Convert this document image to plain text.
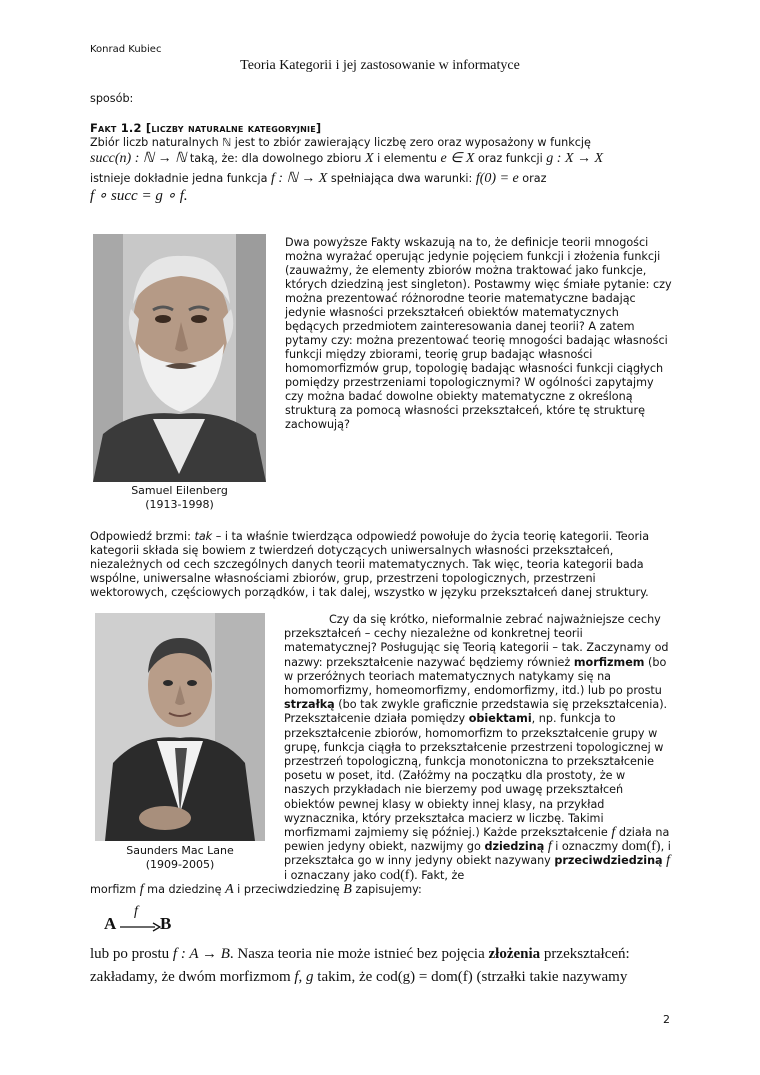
Konrad Kubiec
Teoria Kategorii i jej zastosowanie w informatyce
sposób:
Fakt 1.2 [liczby naturalne kategoryjnie]
Zbiór liczb naturalnych ℕ jest to zbiór zawierający liczbę zero oraz wyposażony w funkcję
succ(n) : ℕ → ℕ taką, że: dla dowolnego zbioru X i elementu e ∈ X oraz funkcji g : X → X
istnieje dokładnie jedna funkcja f : ℕ → X spełniająca dwa warunki: f(0) = e oraz
f ∘ succ = g ∘ f.
Samuel Eilenberg
(1913-1998)
Dwa powyższe Fakty wskazują na to, że definicje teorii mnogości można wyrażać operując jedynie pojęciem funkcji i złożenia funkcji (zauważmy, że elementy zbiorów można traktować jako funkcje, których dziedziną jest singleton). Postawmy więc śmiałe pytanie: czy można prezentować różnorodne teorie matematyczne badając jedynie własności przekształceń obiektów matematycznych będących przedmiotem zainteresowania danej teorii? A zatem pytamy czy: można prezentować teorię mnogości badając własności funkcji między zbiorami, teorię grup badając własności homomorfizmów grup, topologię badając własności funkcji ciągłych pomiędzy przestrzeniami topologicznymi? W ogólności zapytajmy czy można badać dowolne obiekty matematyczne z określoną strukturą za pomocą własności przekształceń, które tę strukturę zachowują?
Odpowiedź brzmi: tak – i ta właśnie twierdząca odpowiedź powołuje do życia teorię kategorii. Teoria kategorii składa się bowiem z twierdzeń dotyczących uniwersalnych własności przekształceń, niezależnych od cech szczególnych danych teorii matematycznych. Tak więc, teoria kategorii bada wspólne, uniwersalne własnościami zbiorów, grup, przestrzeni topologicznych, przestrzeni wektorowych, częściowych porządków, i tak dalej, wszystko w języku przekształceń danej struktury.
Saunders Mac Lane
(1909-2005)
Czy da się krótko, nieformalnie zebrać najważniejsze cechy przekształceń – cechy niezależne od konkretnej teorii matematycznej? Posługując się Teorią kategorii – tak. Zaczynamy od nazwy: przekształcenie nazywać będziemy również morfizmem (bo w przeróżnych teoriach matematycznych natykamy się na homomorfizmy, homeomorfizmy, endomorfizmy, itd.) lub po prostu strzałką (bo tak zwykle graficznie przedstawia się przekształcenia). Przekształcenie działa pomiędzy obiektami, np. funkcja to przekształcenie zbiorów, homomorfizm to przekształcenie grupy w grupę, funkcja ciągła to przekształcenie przestrzeni topologicznej w przestrzeń topologiczną, funkcja monotoniczna to przekształcenie posetu w poset, itd. (Załóżmy na początku dla prostoty, że w naszych przykładach nie bierzemy pod uwagę przekształceń obiektów pewnej klasy w obiekty innej klasy, na przykład wyznacznika, który przekształca macierz w liczbę. Takimi morfizmami zajmiemy się później.) Każde przekształcenie f działa na pewien jedyny obiekt, nazwijmy go dziedziną f i oznaczmy dom(f), i przekształca go w inny jedyny obiekt nazywany przeciwdziedziną f i oznaczany jako cod(f). Fakt, że
morfizm f ma dziedzinę A i przeciwdziedzinę B zapisujemy:
A
f
B
lub po prostu f : A → B. Nasza teoria nie może istnieć bez pojęcia złożenia przekształceń:
zakładamy, że dwóm morfizmom f, g takim, że cod(g) = dom(f) (strzałki takie nazywamy
2
